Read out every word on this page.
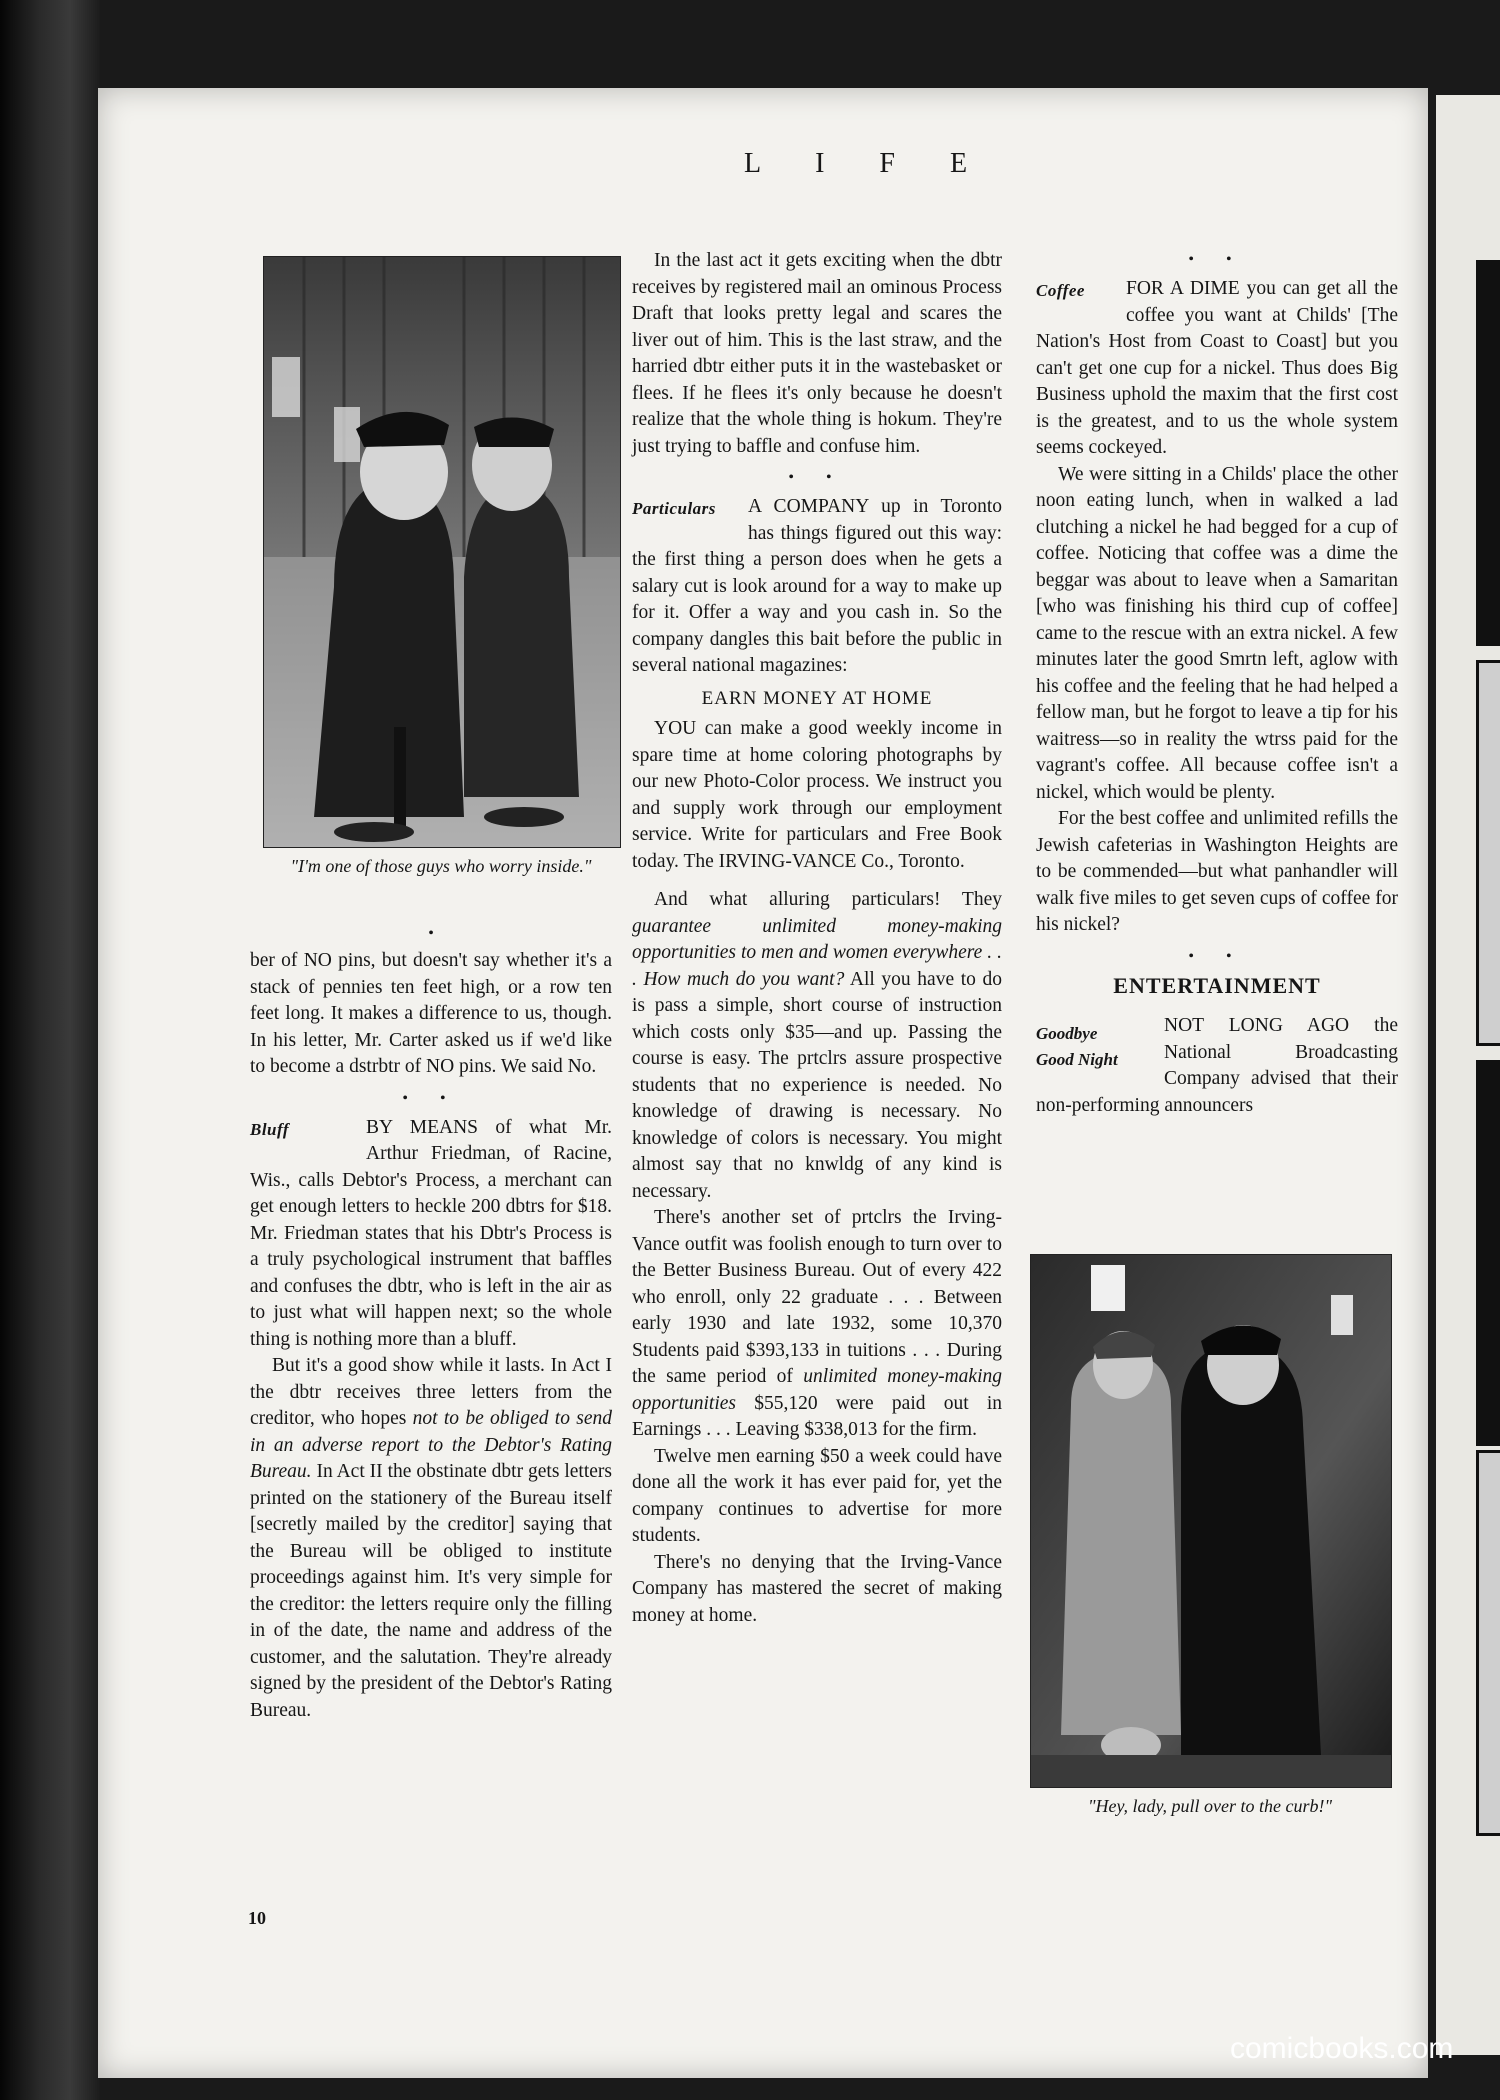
L I F E
"I'm one of those guys who worry inside."
•

ber of NO pins, but doesn't say whether it's a stack of pennies ten feet high, or a row ten feet long. It makes a difference to us, though. In his letter, Mr. Carter asked us if we'd like to become a dstrbtr of NO pins. We said No.

• •

Bluff	BY MEANS of what Mr. Arthur Friedman, of Racine, Wis., calls Debtor's Process, a merchant can get enough letters to heckle 200 dbtrs for $18. Mr. Friedman states that his Dbtr's Process is a truly psychological instrument that baffles and confuses the dbtr, who is left in the air as to just what will happen next; so the whole thing is nothing more than a bluff.

But it's a good show while it lasts. In Act I the dbtr receives three letters from the creditor, who hopes not to be obliged to send in an adverse report to the Debtor's Rating Bureau. In Act II the obstinate dbtr gets letters printed on the stationery of the Bureau itself [secretly mailed by the creditor] saying that the Bureau will be obliged to institute proceedings against him. It's very simple for the creditor: the letters require only the filling in of the date, the name and address of the customer, and the salutation. They're already signed by the president of the Debtor's Rating Bureau.

In the last act it gets exciting when the dbtr receives by registered mail an ominous Process Draft that looks pretty legal and scares the liver out of him. This is the last straw, and the harried dbtr either puts it in the wastebasket or flees. If he flees it's only because he doesn't realize that the whole thing is hokum. They're just trying to baffle and confuse him.

• •

Particulars	A COMPANY up in Toronto has things figured out this way: the first thing a person does when he gets a salary cut is look around for a way to make up for it. Offer a way and you cash in. So the company dangles this bait before the public in several national magazines:

EARN MONEY AT HOME

YOU can make a good weekly income in spare time at home coloring photographs by our new Photo-Color process. We instruct you and supply work through our employment service. Write for particulars and Free Book today. The IRVING-VANCE Co., Toronto.

And what alluring particulars! They guarantee unlimited money-making opportunities to men and women everywhere . . . How much do you want? All you have to do is pass a simple, short course of instruction which costs only $35—and up. Passing the course is easy. The prtclrs assure prospective students that no experience is needed. No knowledge of drawing is necessary. No knowledge of colors is necessary. You might almost say that no knwldg of any kind is necessary.

There's another set of prtclrs the Irving-Vance outfit was foolish enough to turn over to the Better Business Bureau. Out of every 422 who enroll, only 22 graduate . . . Between early 1930 and late 1932, some 10,370 Students paid $393,133 in tuitions . . . During the same period of unlimited money-making opportunities $55,120 were paid out in Earnings . . . Leaving $338,013 for the firm.

Twelve men earning $50 a week could have done all the work it has ever paid for, yet the company continues to advertise for more students.

There's no denying that the Irving-Vance Company has mastered the secret of making money at home.

• •

Coffee	FOR A DIME you can get all the coffee you want at Childs' [The Nation's Host from Coast to Coast] but you can't get one cup for a nickel. Thus does Big Business uphold the maxim that the first cost is the greatest, and to us the whole system seems cockeyed.

We were sitting in a Childs' place the other noon eating lunch, when in walked a lad clutching a nickel he had begged for a cup of coffee. Noticing that coffee was a dime the beggar was about to leave when a Samaritan [who was finishing his third cup of coffee] came to the rescue with an extra nickel. A few minutes later the good Smrtn left, aglow with his coffee and the feeling that he had helped a fellow man, but he forgot to leave a tip for his waitress—so in reality the wtrss paid for the vagrant's coffee. All because coffee isn't a nickel, which would be plenty.

For the best coffee and unlimited refills the Jewish cafeterias in Washington Heights are to be commended—but what panhandler will walk five miles to get seven cups of coffee for his nickel?

• •
ENTERTAINMENT

Goodbye
Good Night
NOT LONG AGO the National Broadcasting Company advised that their non-performing announcers

"Hey, lady, pull over to the curb!"
10
comicbooks.com
